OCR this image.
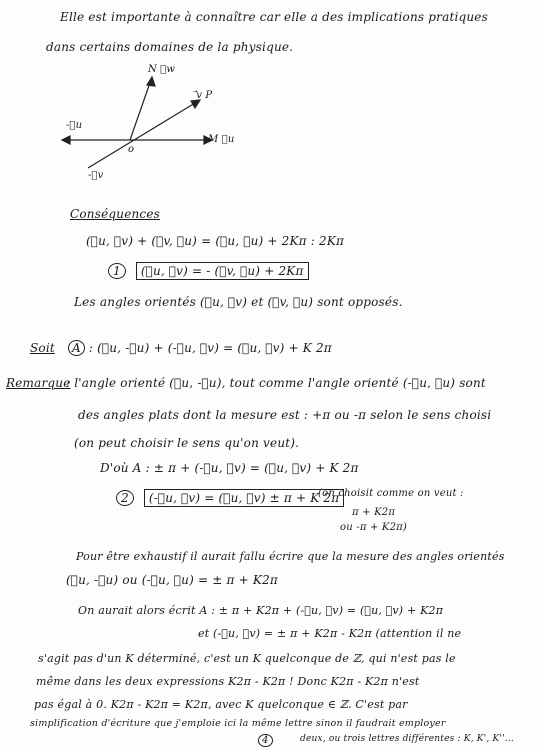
Elle est importante à connaître car elle a des implications pratiques
dans certains domaines de la physique.
N ⃗w
⃗v P
-⃗u
o
M ⃗u
-⃗v
Conséquences
(⃗u, ⃗v) + (⃗v, ⃗u) = (⃗u, ⃗u) + 2Kπ : 2Kπ
1 (⃗u, ⃗v) = - (⃗v, ⃗u) + 2Kπ
Les angles orientés (⃗u, ⃗v) et (⃗v, ⃗u) sont opposés.
Soit	A : (⃗u, -⃗u) + (-⃗u, ⃗v) = (⃗u, ⃗v) + K 2π
Remarque
: l'angle orienté (⃗u, -⃗u), tout comme l'angle orienté (-⃗u, ⃗u) sont
des angles plats dont la mesure est : +π ou -π selon le sens choisi
(on peut choisir le sens qu'on veut).
D'où A : ± π + (-⃗u, ⃗v) = (⃗u, ⃗v) + K 2π
2 (-⃗u, ⃗v) = (⃗u, ⃗v) ± π + K 2π
(on choisit comme on veut :
π + K2π
ou -π + K2π)
Pour être exhaustif il aurait fallu écrire que la mesure des angles orientés
(⃗u, -⃗u) ou (-⃗u, ⃗u) = ± π + K2π
On aurait alors écrit A : ± π + K2π + (-⃗u, ⃗v) = (⃗u, ⃗v) + K2π
et (-⃗u, ⃗v) = ± π + K2π - K2π (attention il ne
s'agit pas d'un K déterminé, c'est un K quelconque de ℤ, qui n'est pas le
même dans les deux expressions K2π - K2π ! Donc K2π - K2π n'est
pas égal à 0. K2π - K2π = K2π, avec K quelconque ∈ ℤ. C'est par
simplification d'écriture que j'emploie ici la même lettre sinon il faudrait employer
deux, ou trois lettres différentes : K, K', K''...
4
